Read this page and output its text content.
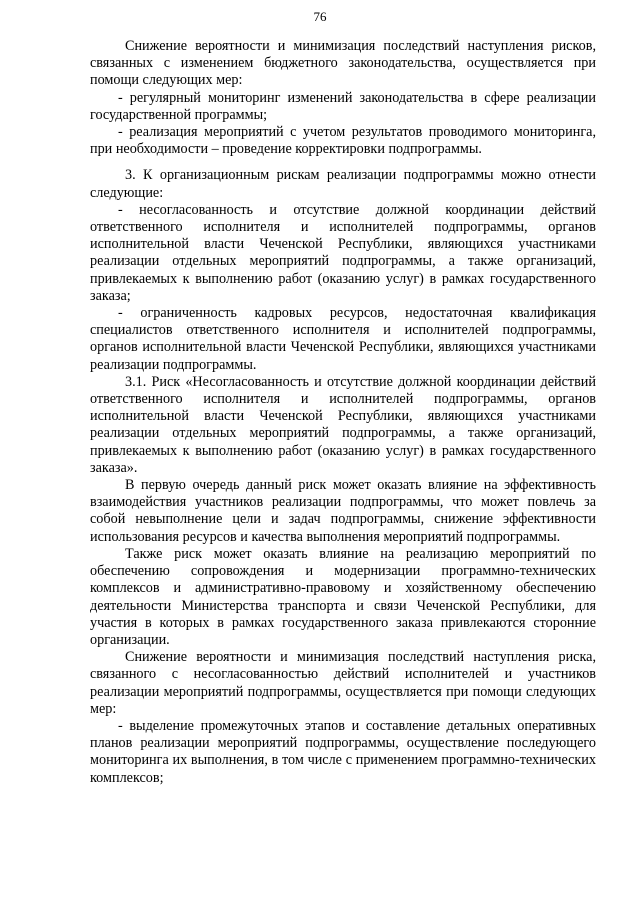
76

Снижение вероятности и минимизация последствий наступления рисков, связанных с изменением бюджетного законодательства, осуществляется при помощи следующих мер:

- регулярный мониторинг изменений законодательства в сфере реализации государственной программы;

- реализация мероприятий с учетом результатов проводимого мониторинга, при необходимости – проведение корректировки подпрограммы.

3. К организационным рискам реализации подпрограммы можно отнести следующие:

- несогласованность и отсутствие должной координации действий ответственного исполнителя и исполнителей подпрограммы, органов исполнительной власти Чеченской Республики, являющихся участниками реализации отдельных мероприятий подпрограммы, а также организаций, привлекаемых к выполнению работ (оказанию услуг) в рамках государственного заказа;

- ограниченность кадровых ресурсов, недостаточная квалификация специалистов ответственного исполнителя и исполнителей подпрограммы, органов исполнительной власти Чеченской Республики, являющихся участниками реализации подпрограммы.

3.1. Риск «Несогласованность и отсутствие должной координации действий ответственного исполнителя и исполнителей подпрограммы, органов исполнительной власти Чеченской Республики, являющихся участниками реализации отдельных мероприятий подпрограммы, а также организаций, привлекаемых к выполнению работ (оказанию услуг) в рамках государственного заказа».

В первую очередь данный риск может оказать влияние на эффективность взаимодействия участников реализации подпрограммы, что может повлечь за собой невыполнение цели и задач подпрограммы, снижение эффективности использования ресурсов и качества выполнения мероприятий подпрограммы.

Также риск может оказать влияние на реализацию мероприятий по обеспечению сопровождения и модернизации программно-технических комплексов и административно-правовому и хозяйственному обеспечению деятельности Министерства транспорта и связи Чеченской Республики, для участия в которых в рамках государственного заказа привлекаются сторонние организации.

Снижение вероятности и минимизация последствий наступления риска, связанного с несогласованностью действий исполнителей и участников реализации мероприятий подпрограммы, осуществляется при помощи следующих мер:

- выделение промежуточных этапов и составление детальных оперативных планов реализации мероприятий подпрограммы, осуществление последующего мониторинга их выполнения, в том числе с применением программно-технических комплексов;
